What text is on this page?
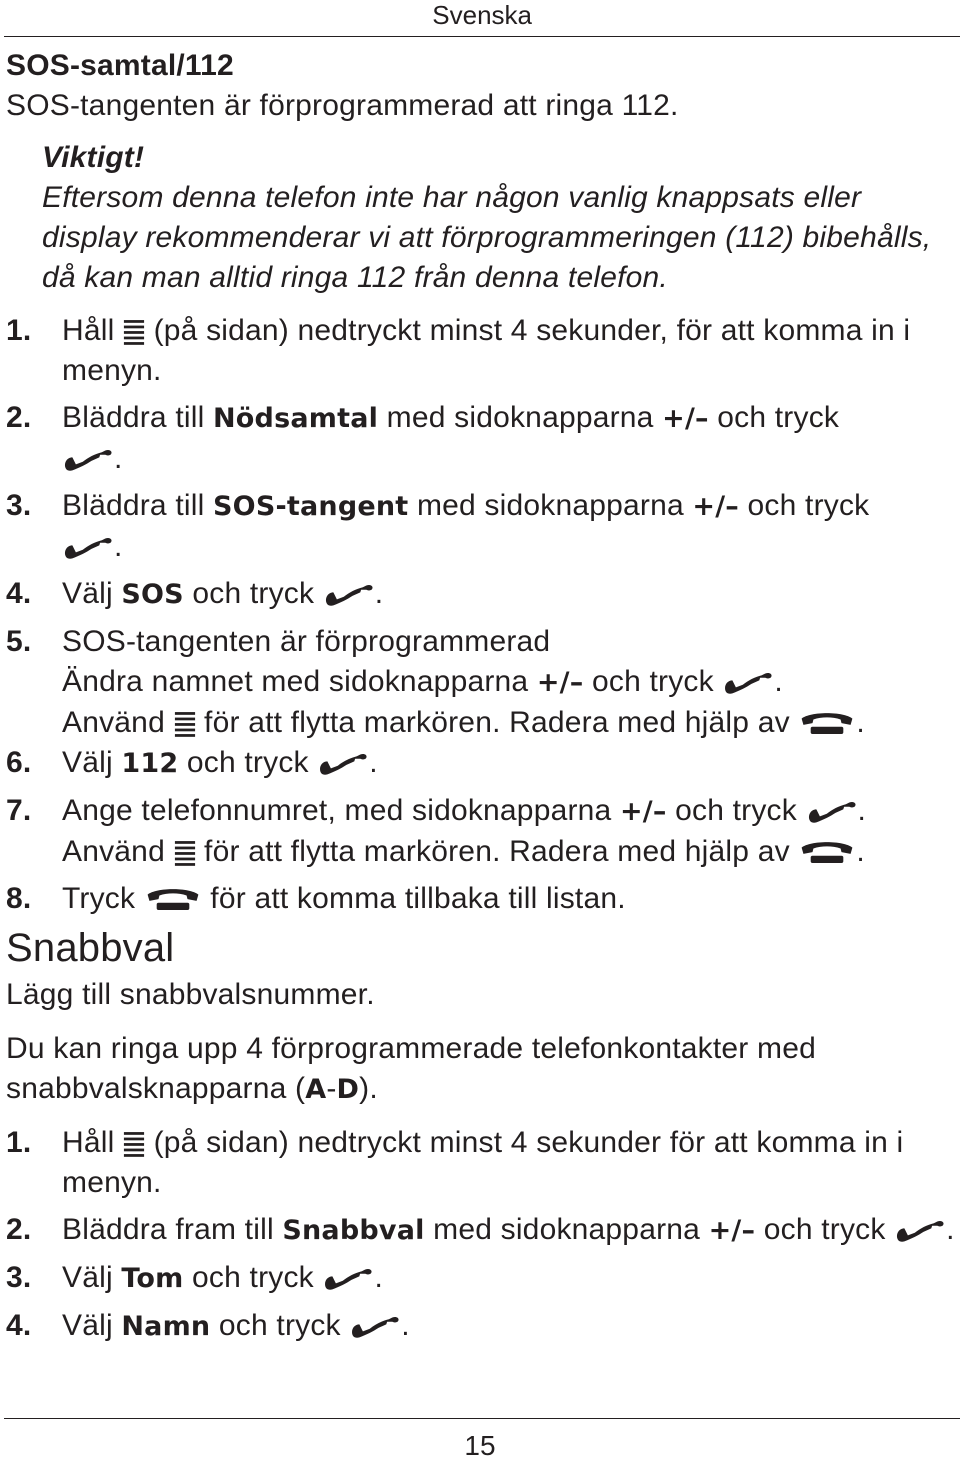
Svenska
SOS-samtal/112

SOS-tangenten är förprogrammerad att ringa 112.

Viktigt!
Eftersom denna telefon inte har någon vanlig knappsats eller display rekommenderar vi att förprogrammeringen (112) bibehålls, då kan man alltid ringa 112 från denna telefon.
1. Håll (på sidan) nedtryckt minst 4 sekunder, för att komma in i menyn.
2. Bläddra till Nödsamtal med sidoknapparna +/– och tryck

.
3. Bläddra till SOS-tangent med sidoknapparna +/– och tryck

.
4. Välj SOS och tryck .
5. SOS-tangenten är förprogrammerad
Ändra namnet med sidoknapparna +/– och tryck .
Använd för att flytta markören. Radera med hjälp av .
6. Välj 112 och tryck .
7. Ange telefonnumret, med sidoknapparna +/– och tryck .
Använd för att flytta markören. Radera med hjälp av .
8. Tryck	för att komma tillbaka till listan.
Snabbval

Lägg till snabbvalsnummer.

Du kan ringa upp 4 förprogrammerade telefonkontakter med snabbvalsknapparna (A-D).

1. Håll (på sidan) nedtryckt minst 4 sekunder för att komma in i menyn.
2. Bläddra fram till Snabbval med sidoknapparna +/– och tryck .
3. Välj Tom och tryck .
4. Välj Namn och tryck .
15
